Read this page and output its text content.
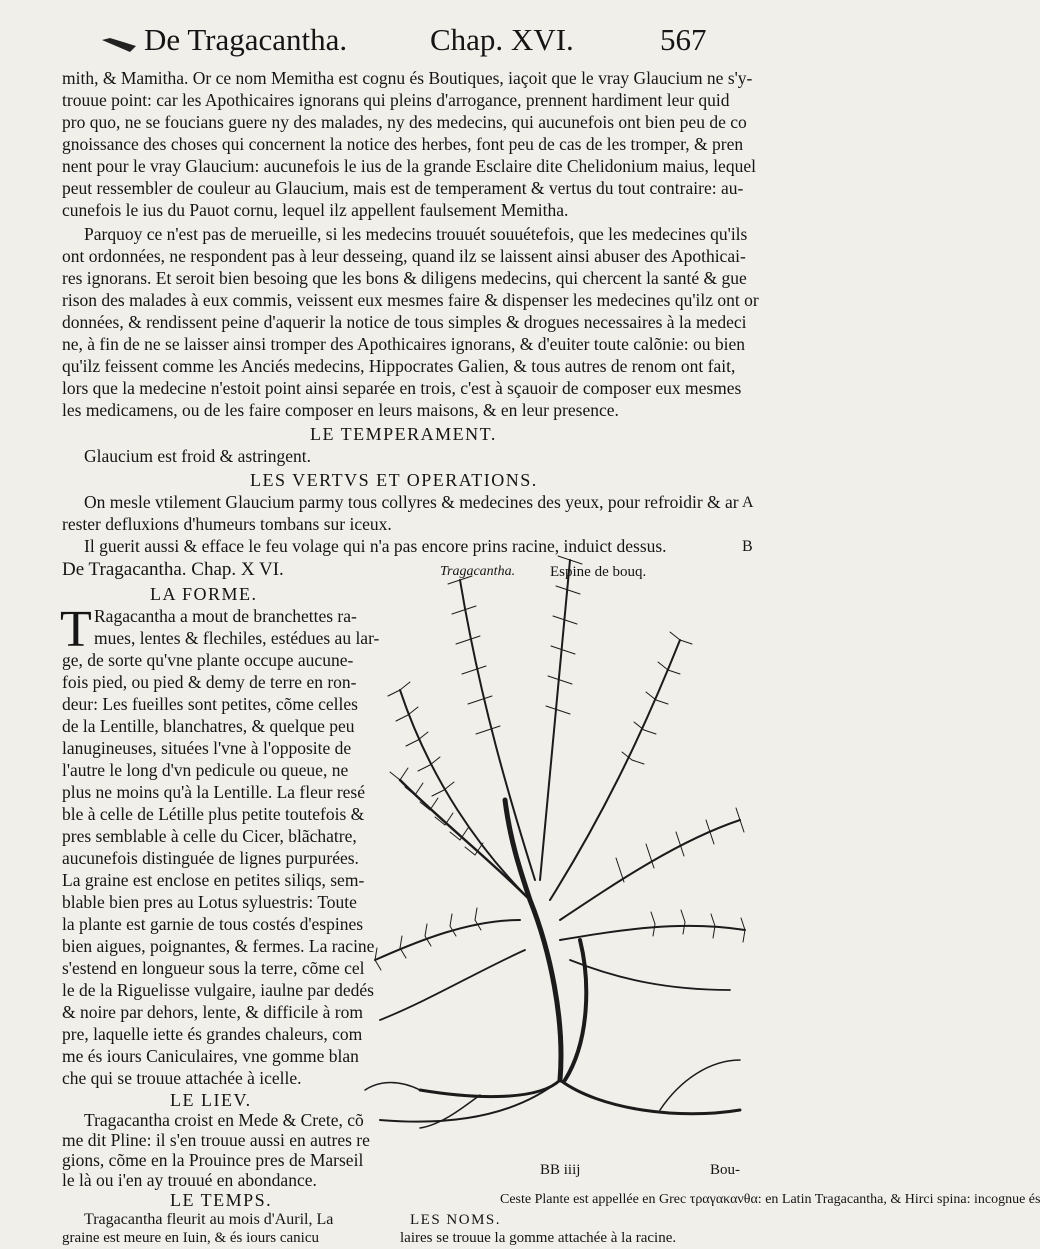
De Tragacantha.	Chap. XVI.	567
mith, & Mamitha. Or ce nom Memitha est cognu és Boutiques, iaçoit que le vray Glaucium ne s'y-
trouue point: car les Apothicaires ignorans qui pleins d'arrogance, prennent hardiment leur quid
pro quo, ne se foucians guere ny des malades, ny des medecins, qui aucunefois ont bien peu de co
gnoissance des choses qui concernent la notice des herbes, font peu de cas de les tromper, & pren
nent pour le vray Glaucium: aucunefois le ius de la grande Esclaire dite Chelidonium maius, lequel
peut ressembler de couleur au Glaucium, mais est de temperament & vertus du tout contraire: au-
cunefois le ius du Pauot cornu, lequel ilz appellent faulsement Memitha.
Parquoy ce n'est pas de merueille, si les medecins trouuét souuétefois, que les medecines qu'ils
ont ordonnées, ne respondent pas à leur desseing, quand ilz se laissent ainsi abuser des Apothicai-
res ignorans. Et seroit bien besoing que les bons & diligens medecins, qui chercent la santé & gue
rison des malades à eux commis, veissent eux mesmes faire & dispenser les medecines qu'ilz ont or
données, & rendissent peine d'aquerir la notice de tous simples & drogues necessaires à la medeci
ne, à fin de ne se laisser ainsi tromper des Apothicaires ignorans, & d'euiter toute calõnie: ou bien
qu'ilz feissent comme les Anciés medecins, Hippocrates Galien, & tous autres de renom ont fait,
lors que la medecine n'estoit point ainsi separée en trois, c'est à sçauoir de composer eux mesmes
les medicamens, ou de les faire composer en leurs maisons, & en leur presence.
LE TEMPERAMENT.
Glaucium est froid & astringent.
LES VERTVS ET OPERATIONS.
On mesle vtilement Glaucium parmy tous collyres & medecines des yeux, pour refroidir & ar
rester defluxions d'humeurs tombans sur iceux.
Il guerit aussi & efface le feu volage qui n'a pas encore prins racine, induict dessus.
A
B
De Tragacantha. Chap. X VI.	Tragacantha. Espine de bouq.
LA FORME.
T Ragacantha a mout de branchettes ra-
mues, lentes & flechiles, estédues au lar-
ge, de sorte qu'vne plante occupe aucune-
fois pied, ou pied & demy de terre en ron-
deur: Les fueilles sont petites, cõme celles
de la Lentille, blanchatres, & quelque peu
lanugineuses, situées l'vne à l'opposite de
l'autre le long d'vn pedicule ou queue, ne
plus ne moins qu'à la Lentille. La fleur resé
ble à celle de Létille plus petite toutefois &
pres semblable à celle du Cicer, blãchatre,
aucunefois distinguée de lignes purpurées.
La graine est enclose en petites siliqs, sem-
blable bien pres au Lotus syluestris: Toute
la plante est garnie de tous costés d'espines
bien aigues, poignantes, & fermes. La racine
s'estend en longueur sous la terre, cõme cel
le de la Riguelisse vulgaire, iaulne par dedés
& noire par dehors, lente, & difficile à rom
pre, laquelle iette és grandes chaleurs, com
me és iours Caniculaires, vne gomme blan
che qui se trouue attachée à icelle.
LE LIEV.
Tragacantha croist en Mede & Crete, cõ
me dit Pline: il s'en trouue aussi en autres re
gions, cõme en la Prouince pres de Marseil
le là ou i'en ay trouué en abondance.
LE TEMPS.
Tragacantha fleurit au mois d'Auril, La
graine est meure en Iuin, & és iours canicu	laires se trouue la gomme attachée à la racine.
LES NOMS.
Ceste Plante est appellée en Grec τραγακανθα: en Latin Tragacantha, & Hirci spina: incognue és
BB iiij	Bou-
